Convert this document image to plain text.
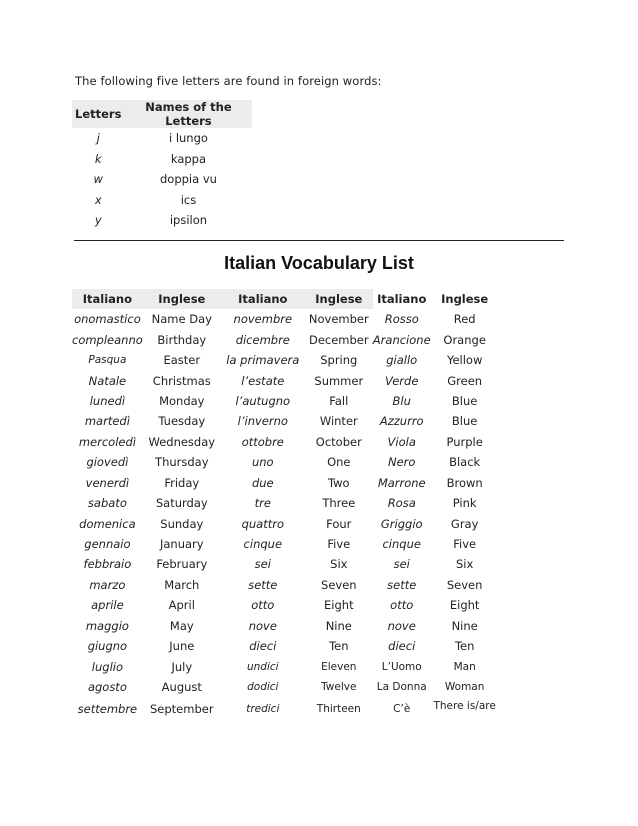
The following five letters are found in foreign words:
Letters	Names of the Letters
j	i lungo
k	kappa
w	doppia vu
x	ics
y	ipsilon
Italian Vocabulary List
Italiano	Inglese	Italiano	Inglese	Italiano	Inglese
onomastico	Name Day	novembre	November	Rosso	Red
compleanno	Birthday	dicembre	December	Arancione	Orange
Pasqua	Easter	la primavera	Spring	giallo	Yellow
Natale	Christmas	l’estate	Summer	Verde	Green
lunedì	Monday	l’autugno	Fall	Blu	Blue
martedì	Tuesday	l’inverno	Winter	Azzurro	Blue
mercoledì	Wednesday	ottobre	October	Viola	Purple
giovedì	Thursday	uno	One	Nero	Black
venerdì	Friday	due	Two	Marrone	Brown
sabato	Saturday	tre	Three	Rosa	Pink
domenica	Sunday	quattro	Four	Griggio	Gray
gennaio	January	cinque	Five	cinque	Five
febbraio	February	sei	Six	sei	Six
marzo	March	sette	Seven	sette	Seven
aprile	April	otto	Eight	otto	Eight
maggio	May	nove	Nine	nove	Nine
giugno	June	dieci	Ten	dieci	Ten
luglio	July	undici	Eleven	L’Uomo	Man
agosto	August	dodici	Twelve	La Donna	Woman
settembre	September	tredici	Thirteen	C’è	There is/are
